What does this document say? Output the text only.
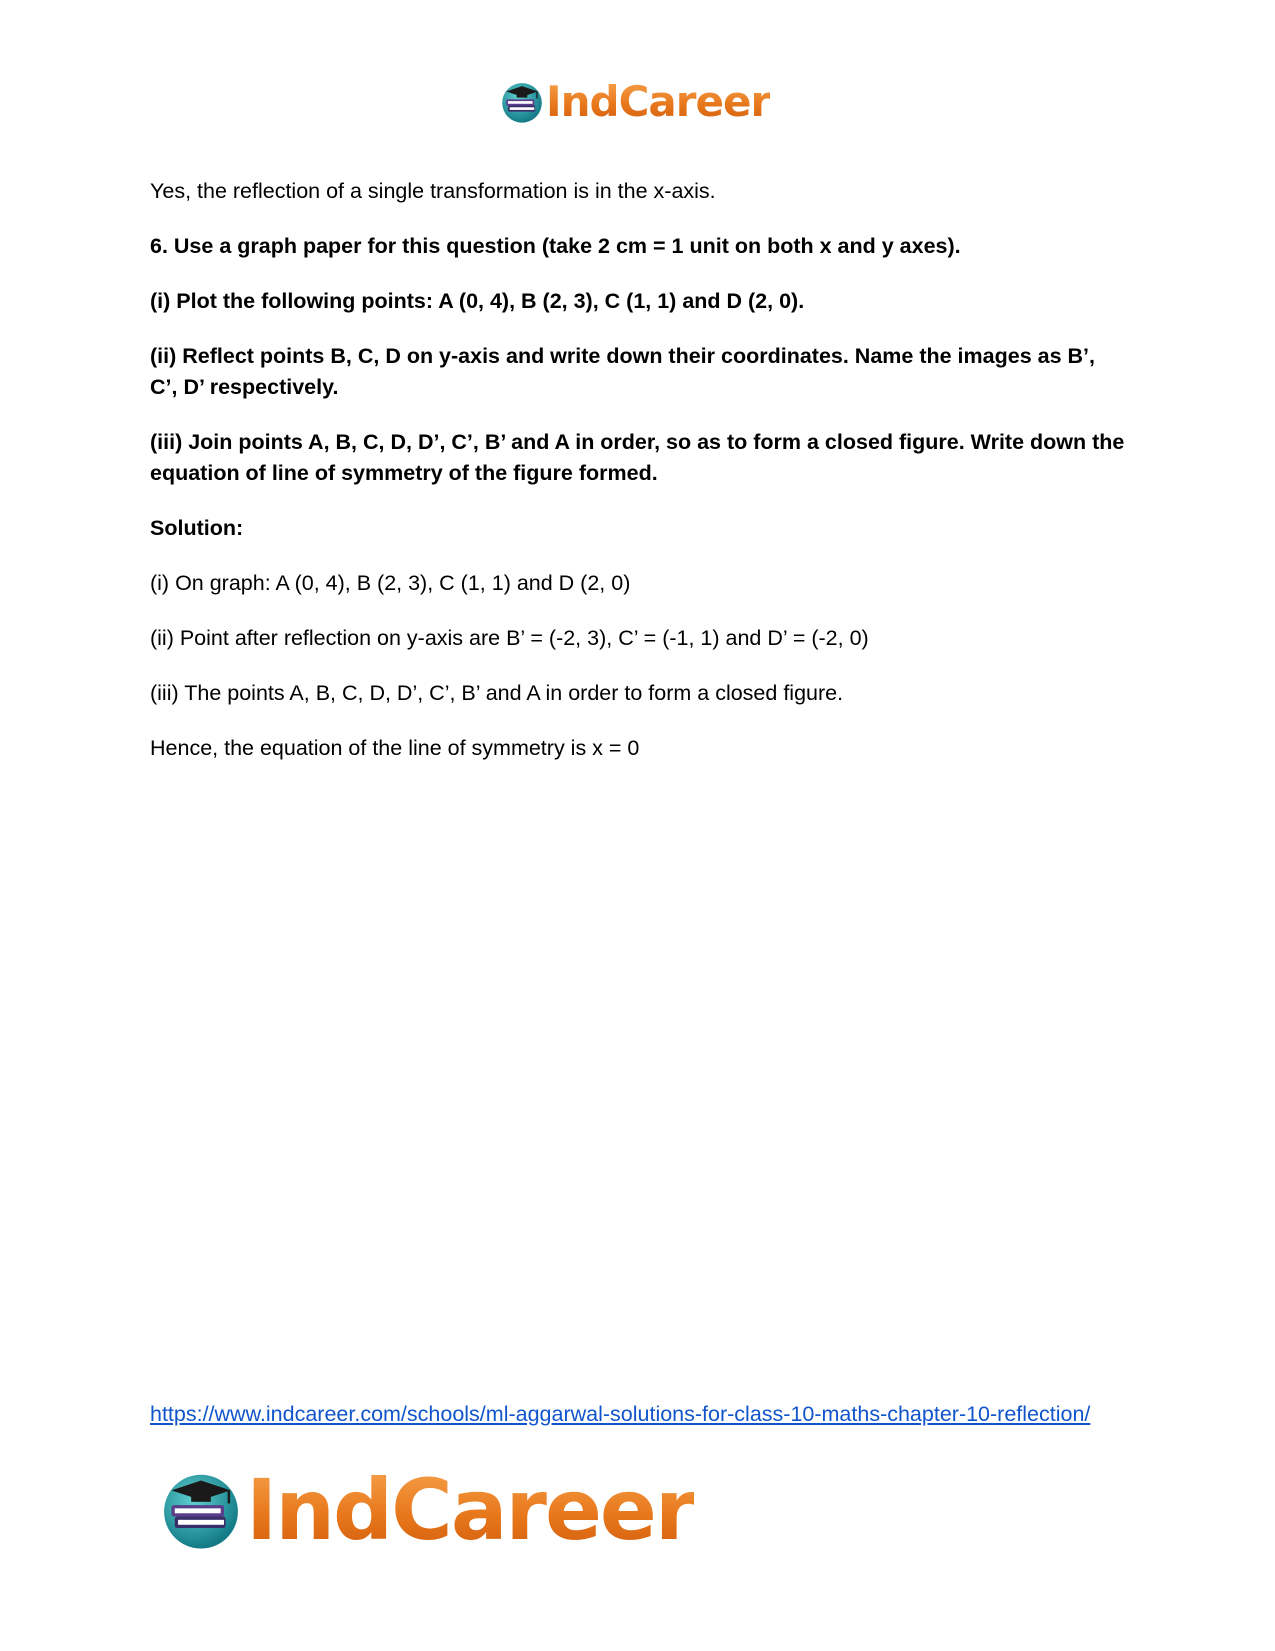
IndCareer

Yes, the reflection of a single transformation is in the x-axis.

6. Use a graph paper for this question (take 2 cm = 1 unit on both x and y axes).

(i) Plot the following points: A (0, 4), B (2, 3), C (1, 1) and D (2, 0).

(ii) Reflect points B, C, D on y-axis and write down their coordinates. Name the images as B’, C’, D’ respectively.

(iii) Join points A, B, C, D, D’, C’, B’ and A in order, so as to form a closed figure. Write down the equation of line of symmetry of the figure formed.

Solution:

(i) On graph: A (0, 4), B (2, 3), C (1, 1) and D (2, 0)

(ii) Point after reflection on y-axis are B’ = (-2, 3), C’ = (-1, 1) and D’ = (-2, 0)

(iii) The points A, B, C, D, D’, C’, B’ and A in order to form a closed figure.

Hence, the equation of the line of symmetry is x = 0

https://www.indcareer.com/schools/ml-aggarwal-solutions-for-class-10-maths-chapter-10-reflection/
IndCareer
